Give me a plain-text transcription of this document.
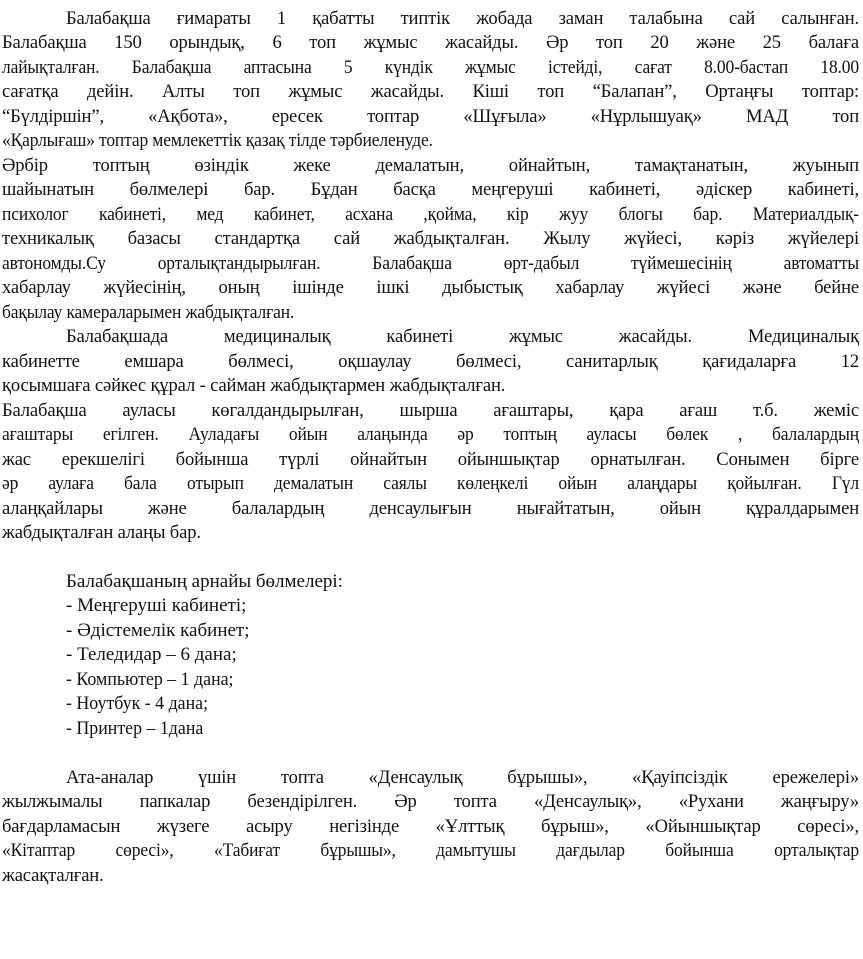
Балабақша ғимараты 1 қабатты типтік жобада заман талабына сай салынған.
Балабақша 150 орындық, 6 топ жұмыс жасайды. Әр топ 20 және 25 балаға
лайықталған. Балабақша аптасына 5 күндік жұмыс істейді, сағат 8.00-бастап 18.00
сағатқа дейін. Алты топ жұмыс жасайды. Кіші топ “Балапан”, Ортаңғы топтар:
“Бүлдіршін”, «Ақбота», ересек топтар «Шұғыла» «Нұрлышуақ» МАД топ
«Қарлығаш» топтар мемлекеттік қазақ тілде тәрбиеленуде.
Әрбір топтың өзіндік жеке демалатын, ойнайтын, тамақтанатын, жуынып
шайынатын бөлмелері бар. Бұдан басқа меңгеруші кабинеті, әдіскер кабинеті,
психолог кабинеті, мед кабинет, асхана ,қойма, кір жуу блогы бар. Материалдық-
техникалық базасы стандартқа сай жабдықталған. Жылу жүйесі, кәріз жүйелері
автономды.Су орталықтандырылған. Балабақша өрт-дабыл түймешесінің автоматты
хабарлау жүйесінің, оның ішінде ішкі дыбыстық хабарлау жүйесі және бейне
бақылау камераларымен жабдықталған.
Балабақшада медициналық кабинеті жұмыс жасайды. Медициналық
кабинетте емшара бөлмесі, оқшаулау бөлмесі, санитарлық қағидаларға 12
қосымшаға сәйкес құрал - сайман жабдықтармен жабдықталған.
Балабақша ауласы көгалдандырылған, шырша ағаштары, қара ағаш т.б. жеміс
ағаштары егілген. Ауладағы ойын алаңында әр топтың ауласы бөлек , балалардың
жас ерекшелігі бойынша түрлі ойнайтын ойыншықтар орнатылған. Сонымен бірге
әр аулаға бала отырып демалатын саялы көлеңкелі ойын алаңдары қойылған. Гүл
алаңқайлары және балалардың денсаулығын нығайтатын, ойын құралдарымен
жабдықталған алаңы бар.
Балабақшаның арнайы бөлмелері:
- Меңгеруші кабинеті;
- Әдістемелік кабинет;
- Теледидар – 6 дана;
- Компьютер – 1 дана;
- Ноутбук - 4 дана;
- Принтер – 1дана
Ата-аналар үшін топта «Денсаулық бұрышы», «Қауіпсіздік ережелері»
жылжымалы папкалар безендірілген. Әр топта «Денсаулық», «Рухани жаңғыру»
бағдарламасын жүзеге асыру негізінде «Ұлттық бұрыш», «Ойыншықтар сөресі»,
«Кітаптар сөресі», «Табиғат бұрышы», дамытушы дағдылар бойынша орталықтар
жасақталған.
